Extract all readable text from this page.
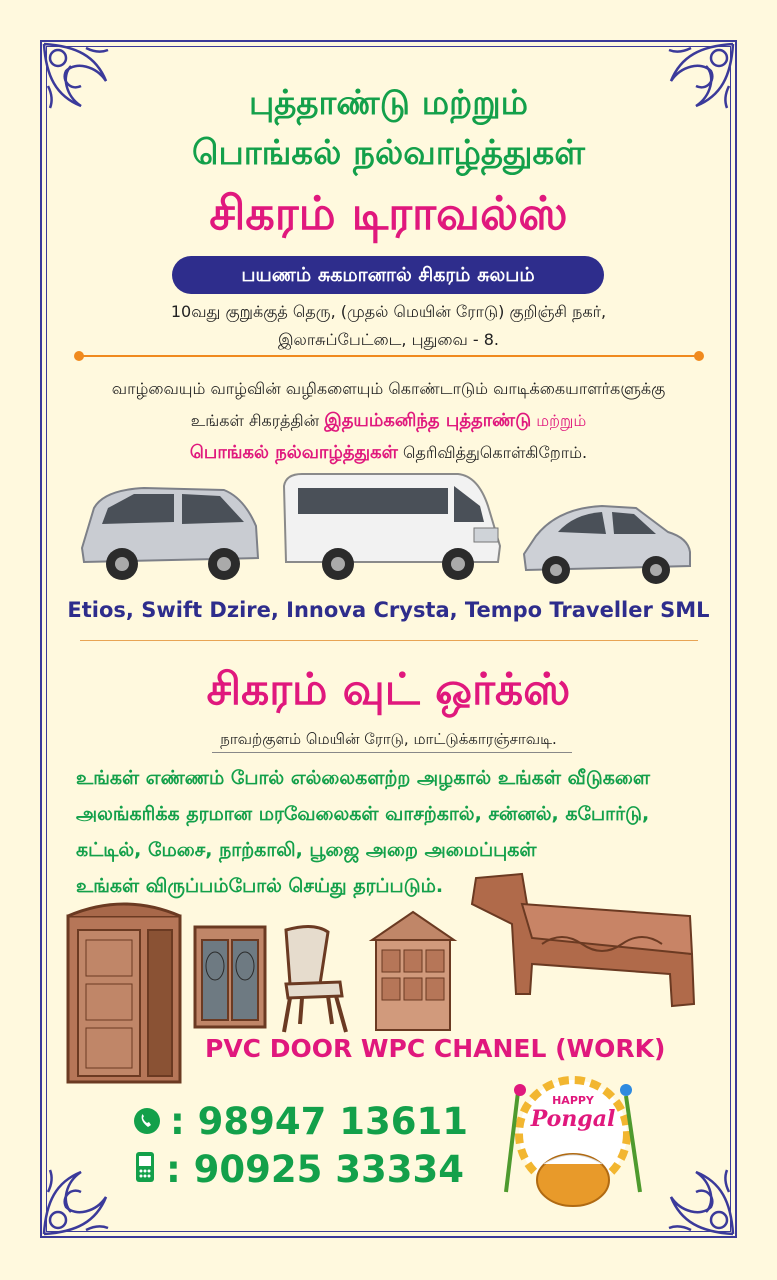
புத்தாண்டு மற்றும்
பொங்கல் நல்வாழ்த்துகள்
சிகரம் டிராவல்ஸ்
பயணம் சுகமானால் சிகரம் சுலபம்
10வது குறுக்குத் தெரு, (முதல் மெயின் ரோடு) குறிஞ்சி நகர்,
இலாசுப்பேட்டை, புதுவை - 8.
வாழ்வையும் வாழ்வின் வழிகளையும் கொண்டாடும் வாடிக்கையாளர்களுக்கு
உங்கள் சிகரத்தின் இதயம்கனிந்த புத்தாண்டு மற்றும்
பொங்கல் நல்வாழ்த்துகள் தெரிவித்துகொள்கிறோம்.
Etios, Swift Dzire, Innova Crysta, Tempo Traveller SML
சிகரம் வுட் ஒர்க்ஸ்
நாவற்குளம் மெயின் ரோடு, மாட்டுக்காரஞ்சாவடி.
உங்கள் எண்ணம் போல் எல்லைகளற்ற அழகால் உங்கள் வீடுகளை
அலங்கரிக்க தரமான மரவேலைகள் வாசற்கால், சன்னல், கபோர்டு,
கட்டில், மேசை, நாற்காலி, பூஜை அறை அமைப்புகள்
உங்கள் விருப்பம்போல் செய்து தரப்படும்.
PVC DOOR WPC CHANEL (WORK)
: 98947 13611
: 90925 33334
HAPPY
Pongal
